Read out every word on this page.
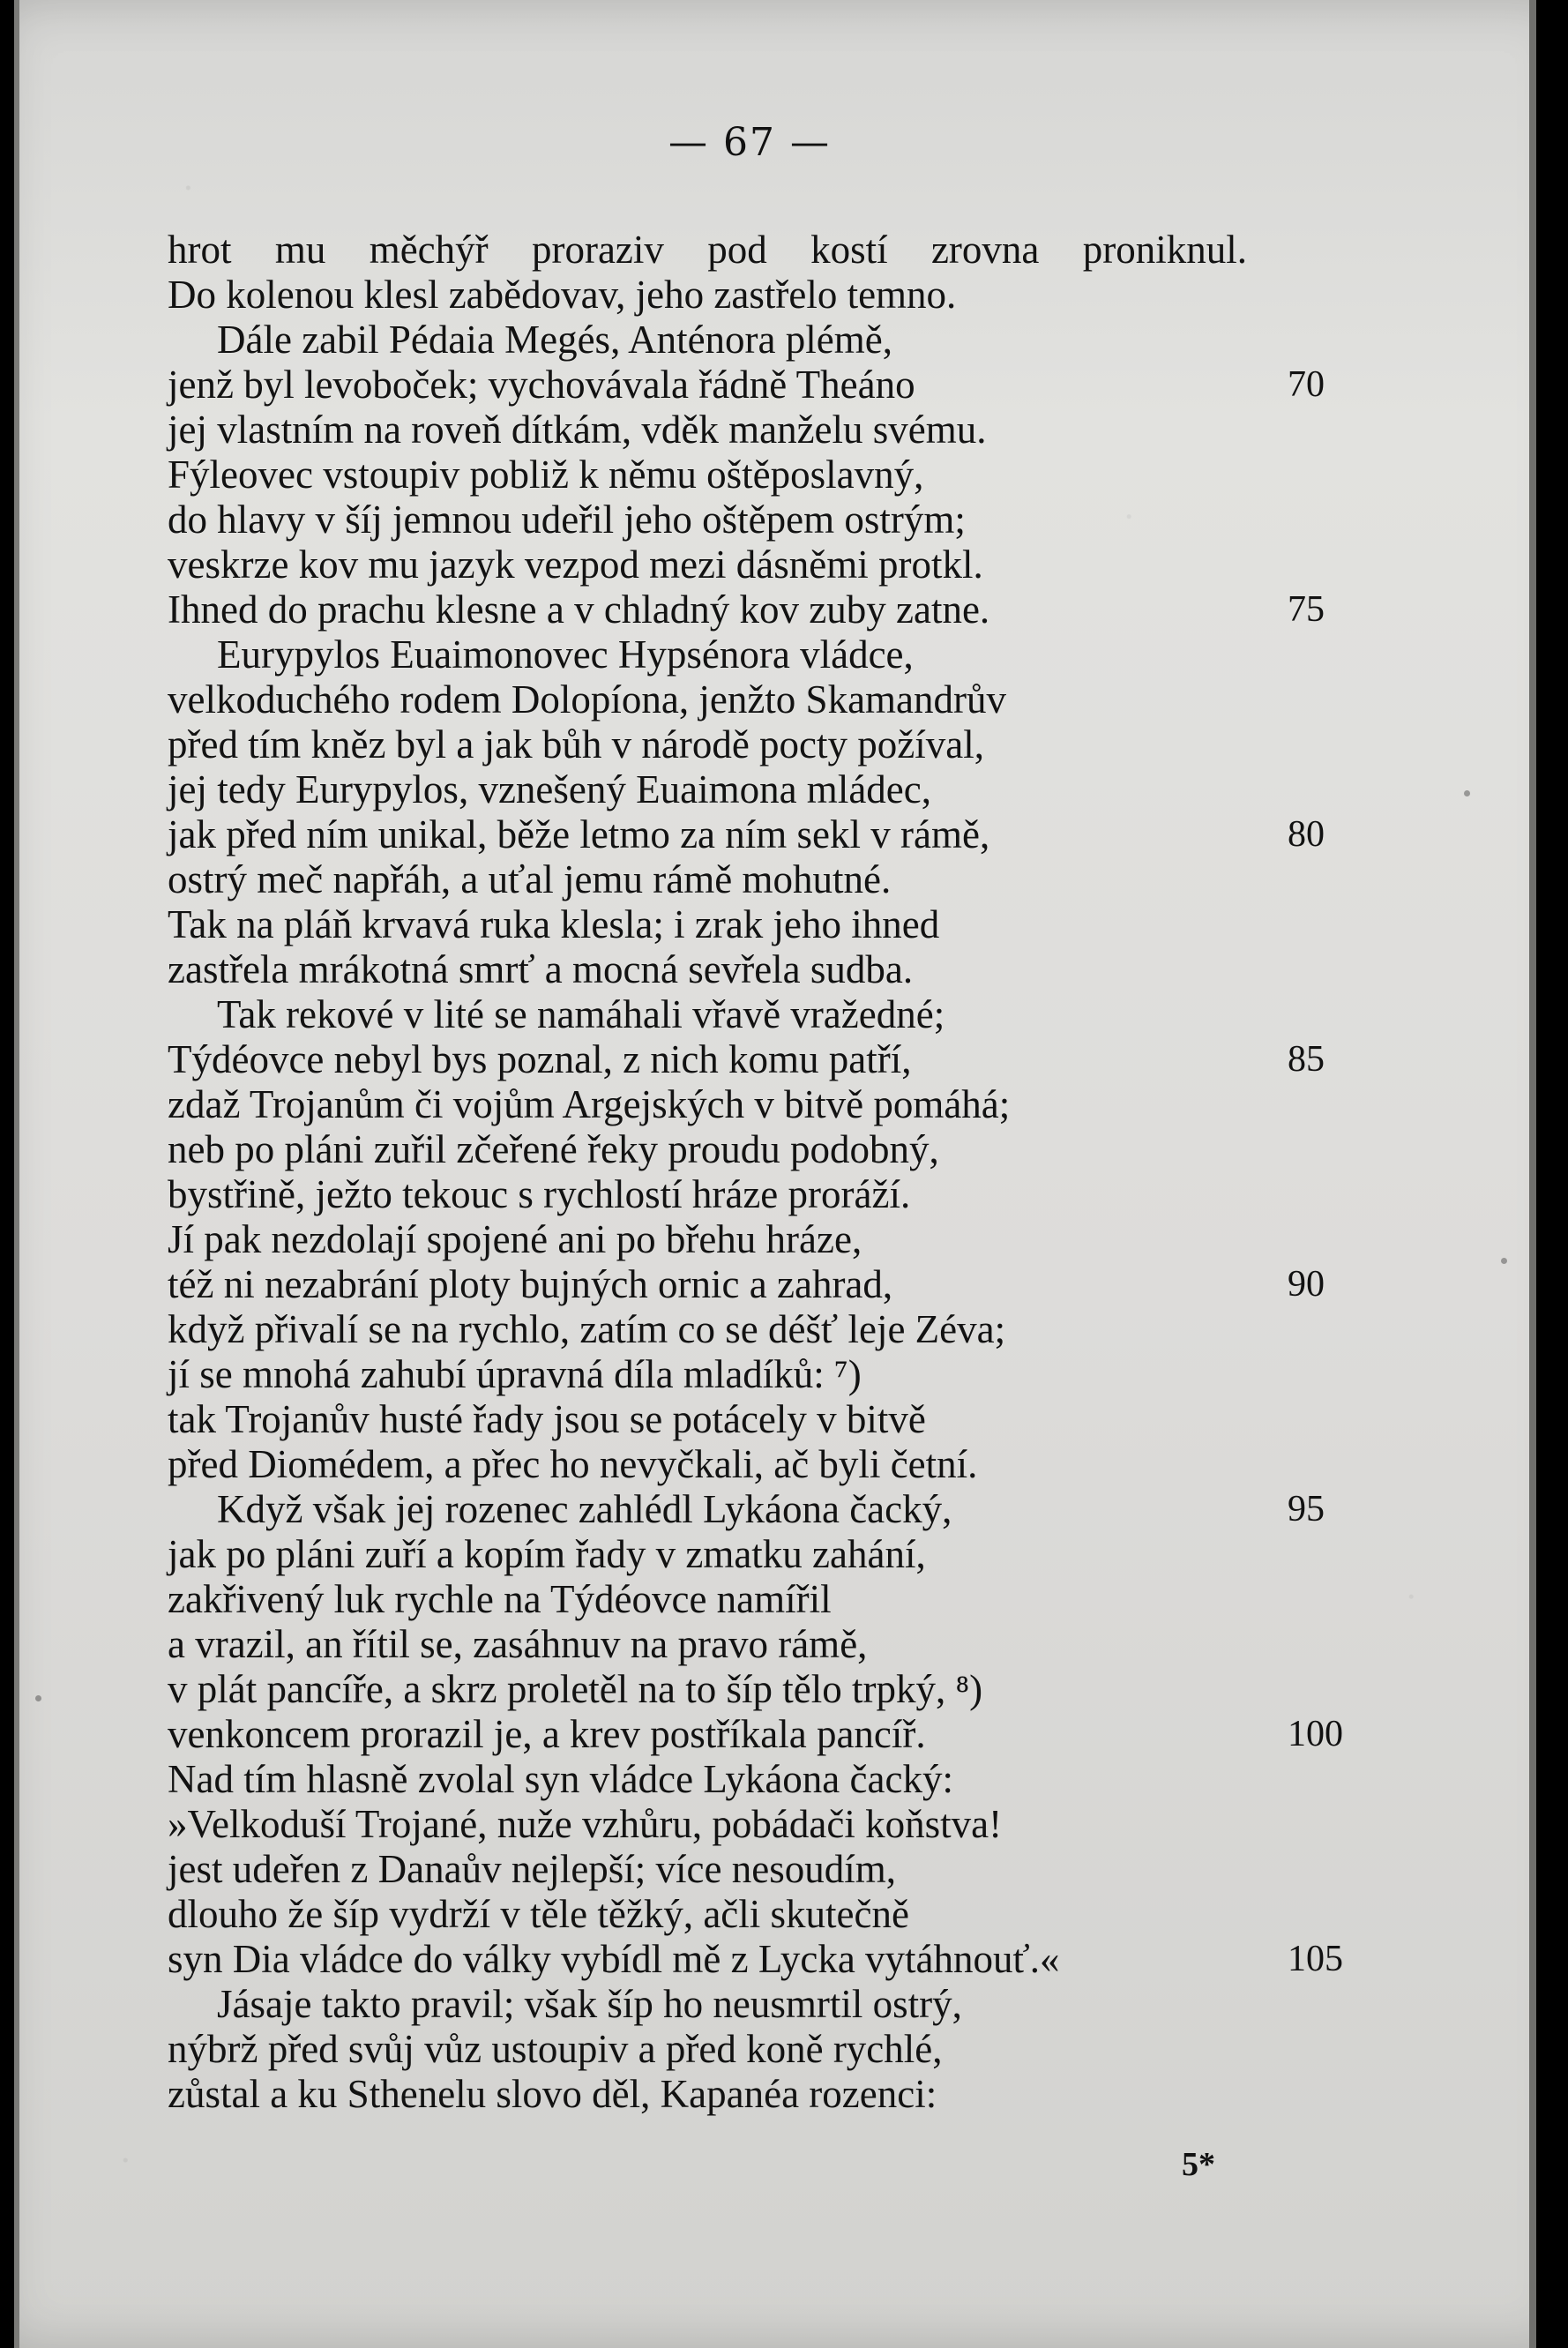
— 67 —
hrot mu měchýř proraziv pod kostí zrovna proniknul.
Do kolenou klesl zabědovav, jeho zastřelo temno.
Dále zabil Pédaia Megés, Anténora plémě,
jenž byl levoboček; vychovávala řádně Theáno	70
jej vlastním na roveň dítkám, vděk manželu svému.
Fýleovec vstoupiv pobliž k němu oštěposlavný,
do hlavy v šíj jemnou udeřil jeho oštěpem ostrým;
veskrze kov mu jazyk vezpod mezi dásněmi protkl.
Ihned do prachu klesne a v chladný kov zuby zatne.	75
Eurypylos Euaimonovec Hypsénora vládce,
velkoduchého rodem Dolopíona, jenžto Skamandrův
před tím kněz byl a jak bůh v národě pocty požíval,
jej tedy Eurypylos, vznešený Euaimona mládec,
jak před ním unikal, běže letmo za ním sekl v rámě,	80
ostrý meč napřáh, a uťal jemu rámě mohutné.
Tak na pláň krvavá ruka klesla; i zrak jeho ihned
zastřela mrákotná smrť a mocná sevřela sudba.
Tak rekové v lité se namáhali vřavě vražedné;
Týdéovce nebyl bys poznal, z nich komu patří,	85
zdaž Trojanům či vojům Argejských v bitvě pomáhá;
neb po pláni zuřil zčeřené řeky proudu podobný,
bystřině, ježto tekouc s rychlostí hráze proráží.
Jí pak nezdolají spojené ani po břehu hráze,
též ni nezabrání ploty bujných ornic a zahrad,	90
když přivalí se na rychlo, zatím co se déšť leje Zéva;
jí se mnohá zahubí úpravná díla mladíků: ⁷)
tak Trojanův husté řady jsou se potácely v bitvě
před Diomédem, a přec ho nevyčkali, ač byli četní.
Když však jej rozenec zahlédl Lykáona čacký,	95
jak po pláni zuří a kopím řady v zmatku zahání,
zakřivený luk rychle na Týdéovce namířil
a vrazil, an řítil se, zasáhnuv na pravo rámě,
v plát pancíře, a skrz proletěl na to šíp tělo trpký, ⁸)
venkoncem prorazil je, a krev postříkala pancíř.	100
Nad tím hlasně zvolal syn vládce Lykáona čacký:
»Velkoduší Trojané, nuže vzhůru, pobádači koňstva!
jest udeřen z Danaův nejlepší; více nesoudím,
dlouho že šíp vydrží v těle těžký, ačli skutečně
syn Dia vládce do války vybídl mě z Lycka vytáhnouť.«	105
Jásaje takto pravil; však šíp ho neusmrtil ostrý,
nýbrž před svůj vůz ustoupiv a před koně rychlé,
zůstal a ku Sthenelu slovo děl, Kapanéa rozenci:
5*
